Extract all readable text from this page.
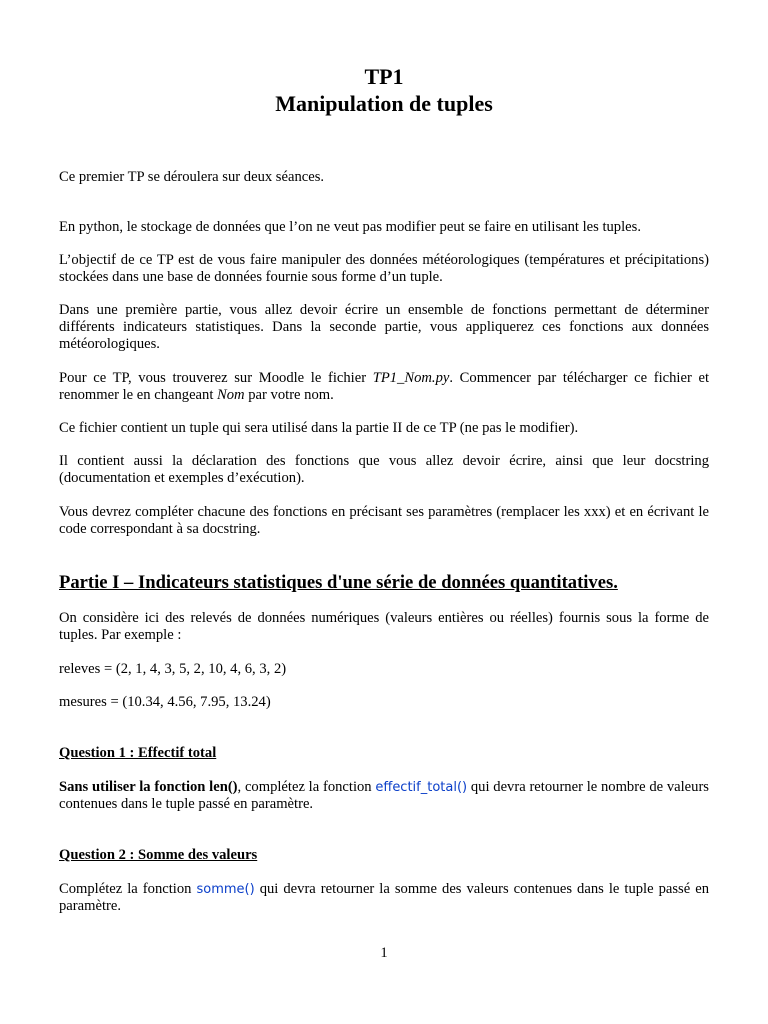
TP1
Manipulation de tuples

Ce premier TP se déroulera sur deux séances.

En python, le stockage de données que l’on ne veut pas modifier peut se faire en utilisant les tuples.

L’objectif de ce TP est de vous faire manipuler des données météorologiques (températures et précipitations) stockées dans une base de données fournie sous forme d’un tuple.

Dans une première partie, vous allez devoir écrire un ensemble de fonctions permettant de déterminer différents indicateurs statistiques. Dans la seconde partie, vous appliquerez ces fonctions aux données météorologiques.

Pour ce TP, vous trouverez sur Moodle le fichier TP1_Nom.py. Commencer par télécharger ce fichier et renommer le en changeant Nom par votre nom.

Ce fichier contient un tuple qui sera utilisé dans la partie II de ce TP (ne pas le modifier).

Il contient aussi la déclaration des fonctions que vous allez devoir écrire, ainsi que leur docstring (documentation et exemples d’exécution).

Vous devrez compléter chacune des fonctions en précisant ses paramètres (remplacer les xxx) et en écrivant le code correspondant à sa docstring.

Partie I – Indicateurs statistiques d'une série de données quantitatives.

On considère ici des relevés de données numériques (valeurs entières ou réelles) fournis sous la forme de tuples. Par exemple :

releves = (2, 1, 4, 3, 5, 2, 10, 4, 6, 3, 2)

mesures = (10.34, 4.56, 7.95, 13.24)

Question 1 : Effectif total

Sans utiliser la fonction len(), complétez la fonction effectif_total() qui devra retourner le nombre de valeurs contenues dans le tuple passé en paramètre.

Question 2 : Somme des valeurs

Complétez la fonction somme() qui devra retourner la somme des valeurs contenues dans le tuple passé en paramètre.

1
